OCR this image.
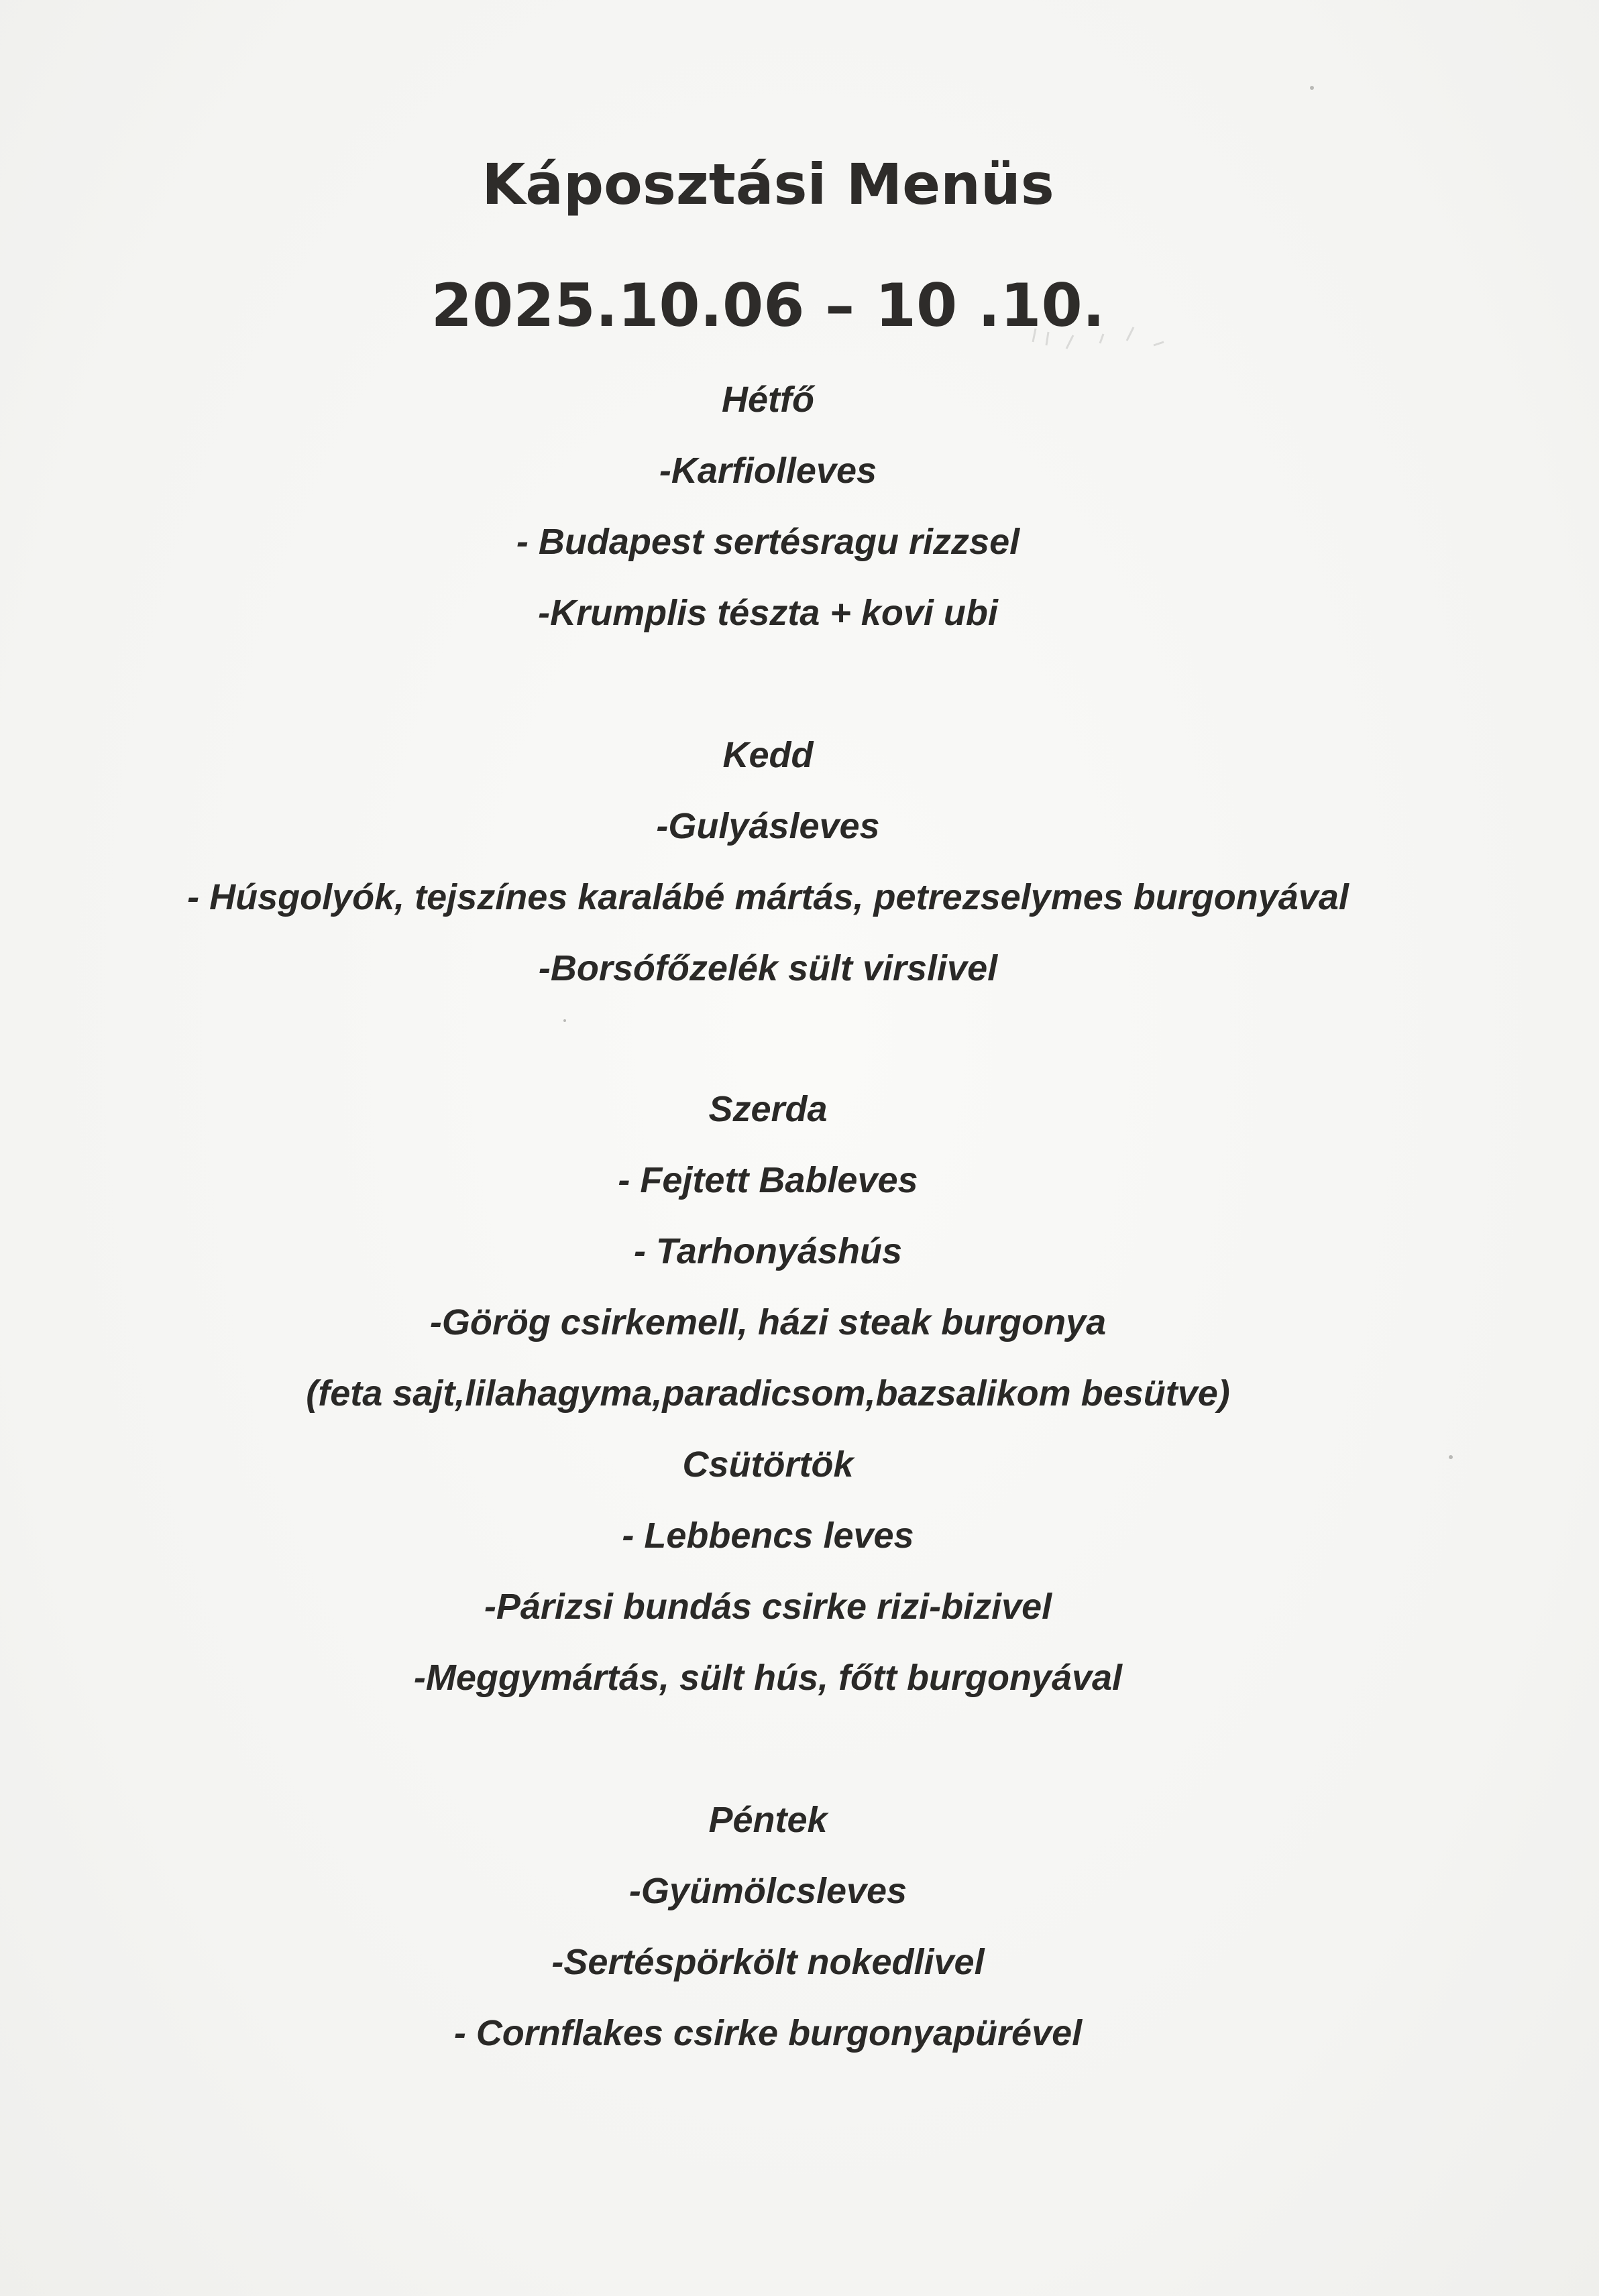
Káposztási Menüs
2025.10.06 – 10 .10.
Hétfő
-Karfiolleves
- Budapest sertésragu rizzsel
-Krumplis tészta + kovi ubi
Kedd
-Gulyásleves
- Húsgolyók, tejszínes karalábé mártás, petrezselymes burgonyával
-Borsófőzelék sült virslivel
Szerda
- Fejtett Bableves
- Tarhonyáshús
-Görög csirkemell, házi steak burgonya
(feta sajt,lilahagyma,paradicsom,bazsalikom besütve)
Csütörtök
- Lebbencs leves
-Párizsi bundás csirke rizi-bizivel
-Meggymártás, sült hús, főtt burgonyával
Péntek
-Gyümölcsleves
-Sertéspörkölt nokedlivel
- Cornflakes csirke burgonyapürével
